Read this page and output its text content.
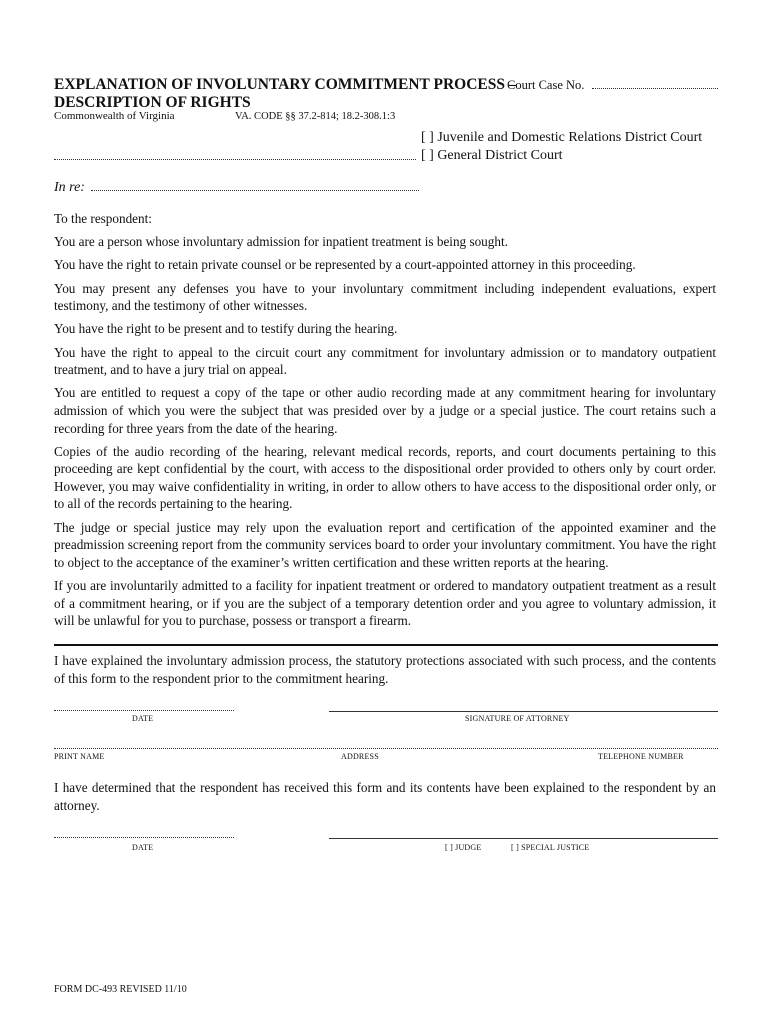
EXPLANATION OF INVOLUNTARY COMMITMENT PROCESS –
DESCRIPTION OF RIGHTS
Court Case No.
Commonwealth of Virginia	VA. CODE §§ 37.2-814; 18.2-308.1:3
[ ] Juvenile and Domestic Relations District Court
[ ] General District Court
In re:

To the respondent:

You are a person whose involuntary admission for inpatient treatment is being sought.

You have the right to retain private counsel or be represented by a court-appointed attorney in this proceeding.

You may present any defenses you have to your involuntary commitment including independent evaluations, expert testimony, and the testimony of other witnesses.

You have the right to be present and to testify during the hearing.

You have the right to appeal to the circuit court any commitment for involuntary admission or to mandatory outpatient treatment, and to have a jury trial on appeal.

You are entitled to request a copy of the tape or other audio recording made at any commitment hearing for involuntary admission of which you were the subject that was presided over by a judge or a special justice. The court retains such a recording for three years from the date of the hearing.

Copies of the audio recording of the hearing, relevant medical records, reports, and court documents pertaining to this proceeding are kept confidential by the court, with access to the dispositional order provided to others only by court order. However, you may waive confidentiality in writing, in order to allow others to have access to the dispositional order only, or to all of the records pertaining to the hearing.

The judge or special justice may rely upon the evaluation report and certification of the appointed examiner and the preadmission screening report from the community services board to order your involuntary commitment. You have the right to object to the acceptance of the examiner’s written certification and these written reports at the hearing.

If you are involuntarily admitted to a facility for inpatient treatment or ordered to mandatory outpatient treatment as a result of a commitment hearing, or if you are the subject of a temporary detention order and you agree to voluntary admission, it will be unlawful for you to purchase, possess or transport a firearm.

I have explained the involuntary admission process, the statutory protections associated with such process, and the contents of this form to the respondent prior to the commitment hearing.
DATE	SIGNATURE OF ATTORNEY
PRINT NAME	ADDRESS	TELEPHONE NUMBER
I have determined that the respondent has received this form and its contents have been explained to the respondent by an attorney.
DATE	[ ] JUDGE	[ ] SPECIAL JUSTICE
FORM DC-493 REVISED 11/10
